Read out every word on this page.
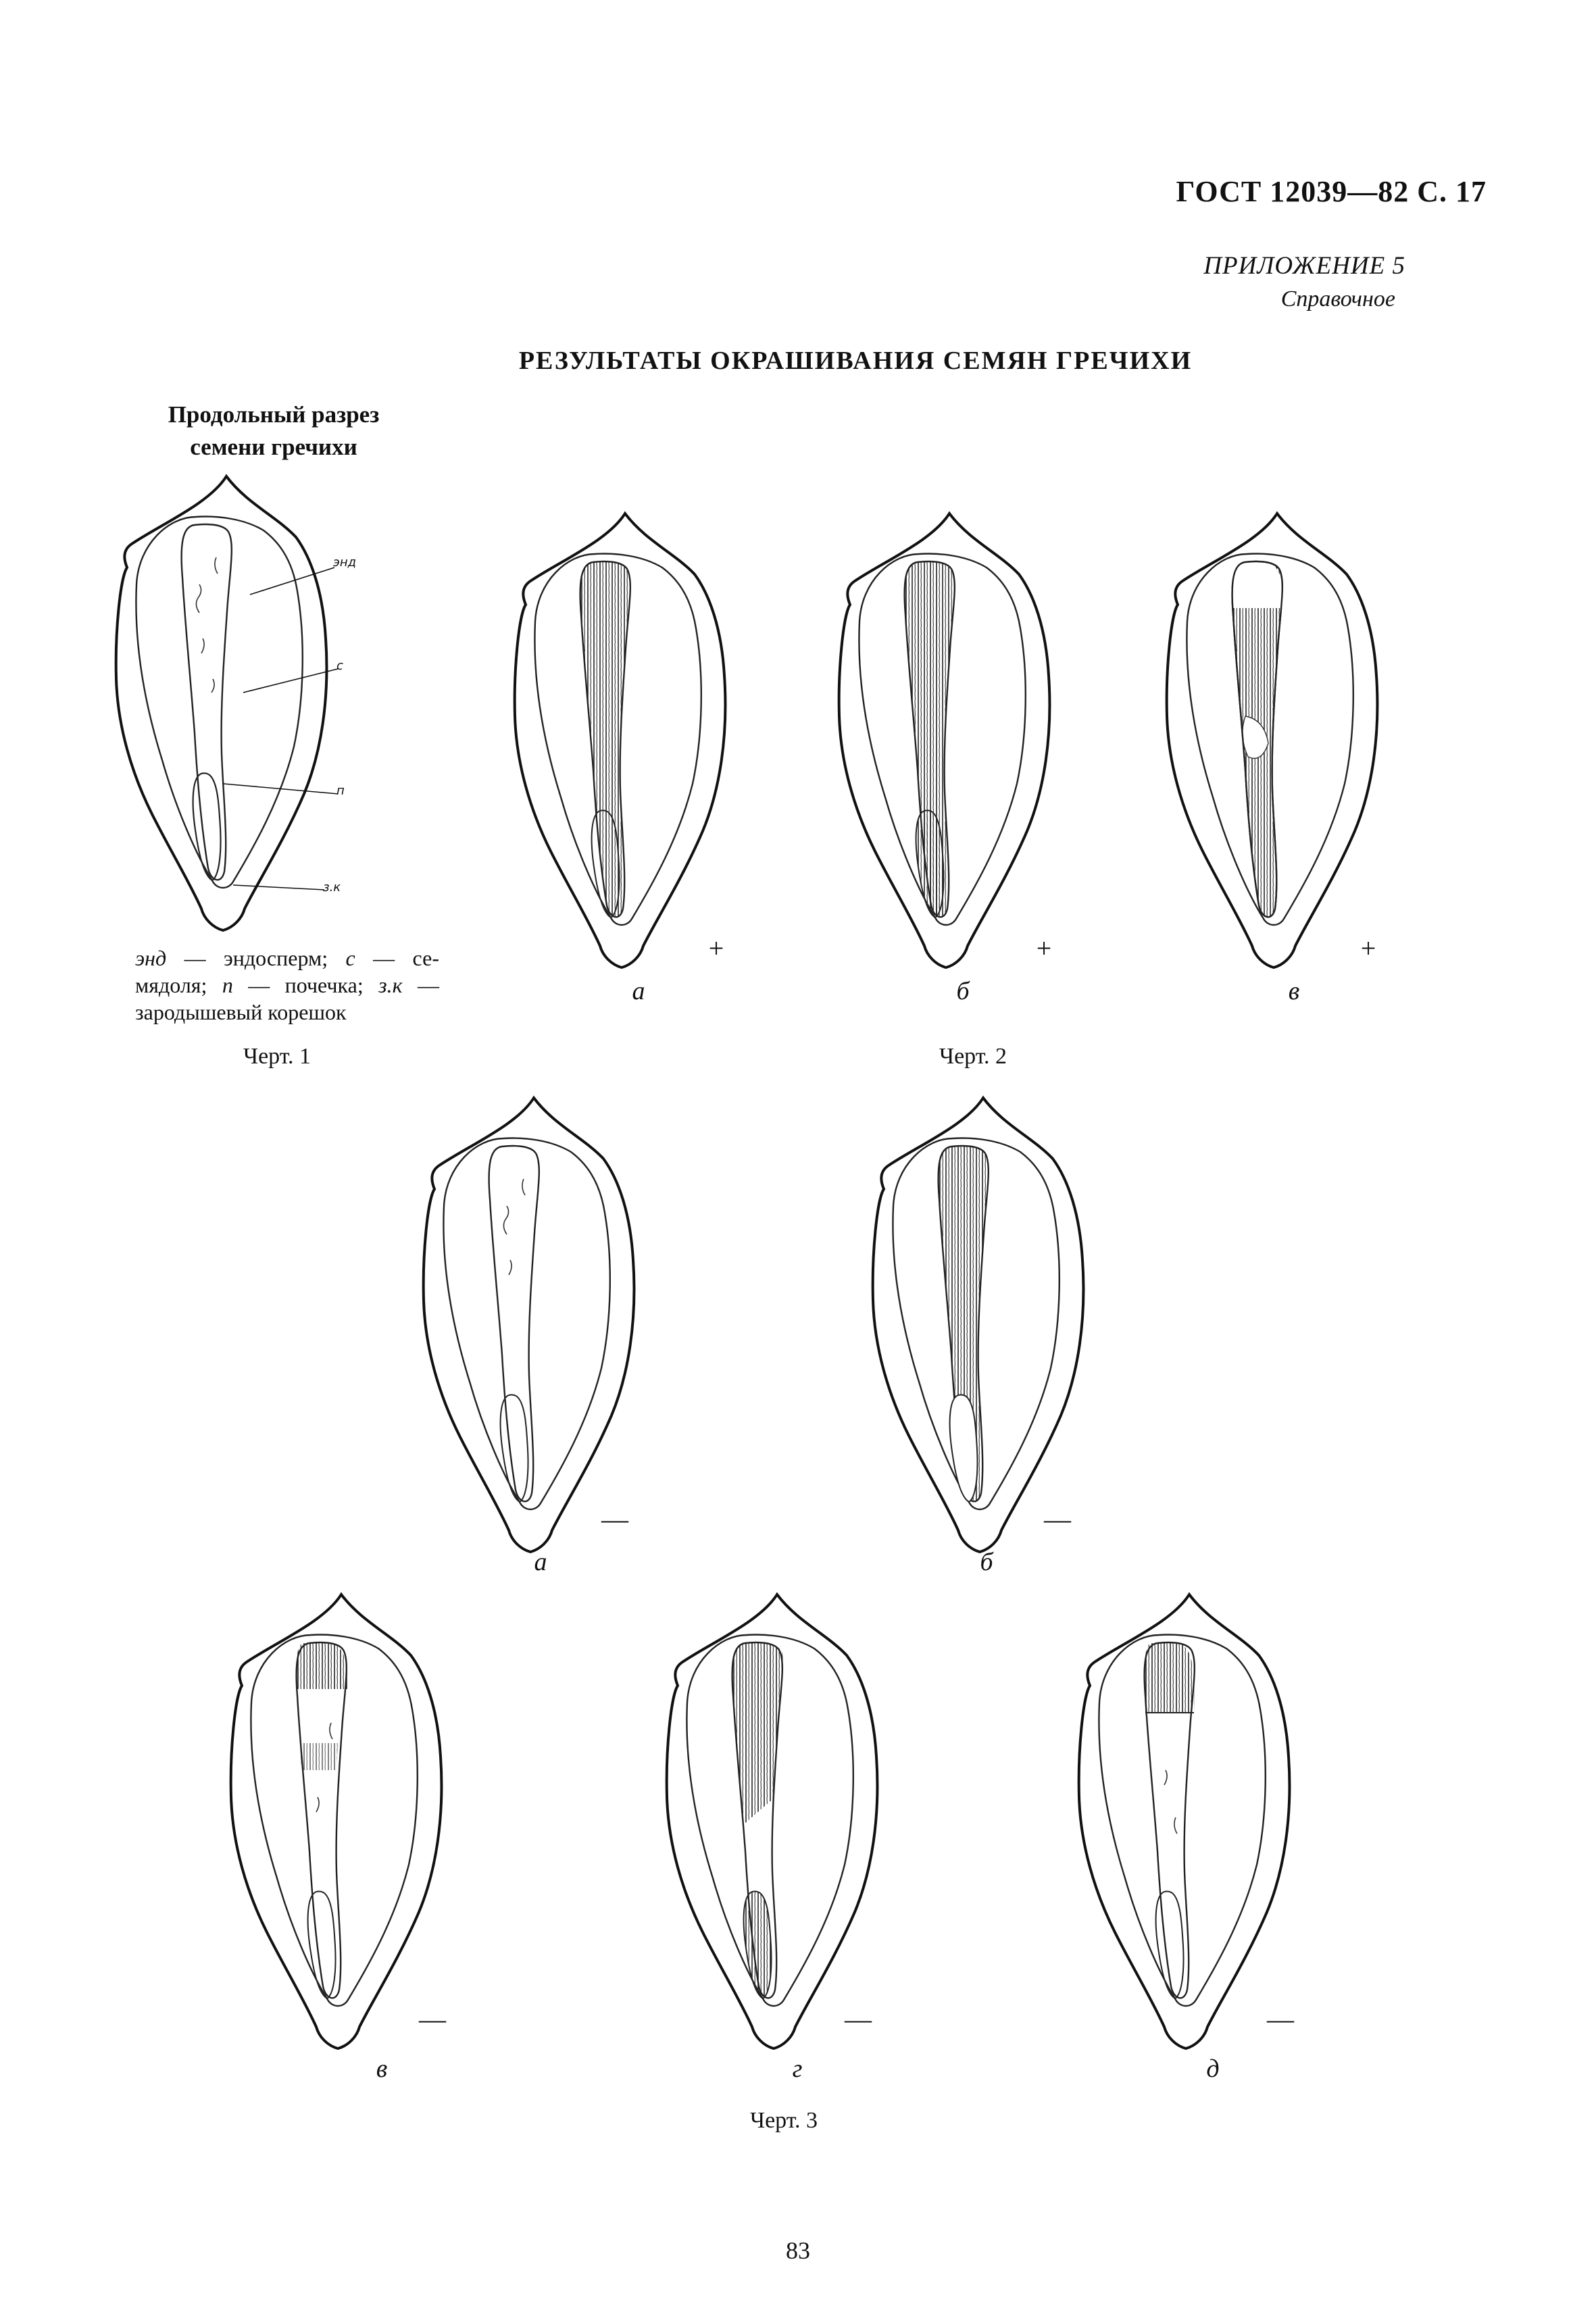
ГОСТ 12039—82 С. 17
ПРИЛОЖЕНИЕ 5
Справочное
РЕЗУЛЬТАТЫ ОКРАШИВАНИЯ СЕМЯН ГРЕЧИХИ
Продольный разрез
семени гречихи
энд
с
п
з.к
энд — эндосперм; с — се-мядоля; п — почечка; з.к — зародышевый корешок
Черт. 1
+
а
+
б
+
в
Черт. 2
—
а
—
б
—
в
—
г
—
д
Черт. 3
83
